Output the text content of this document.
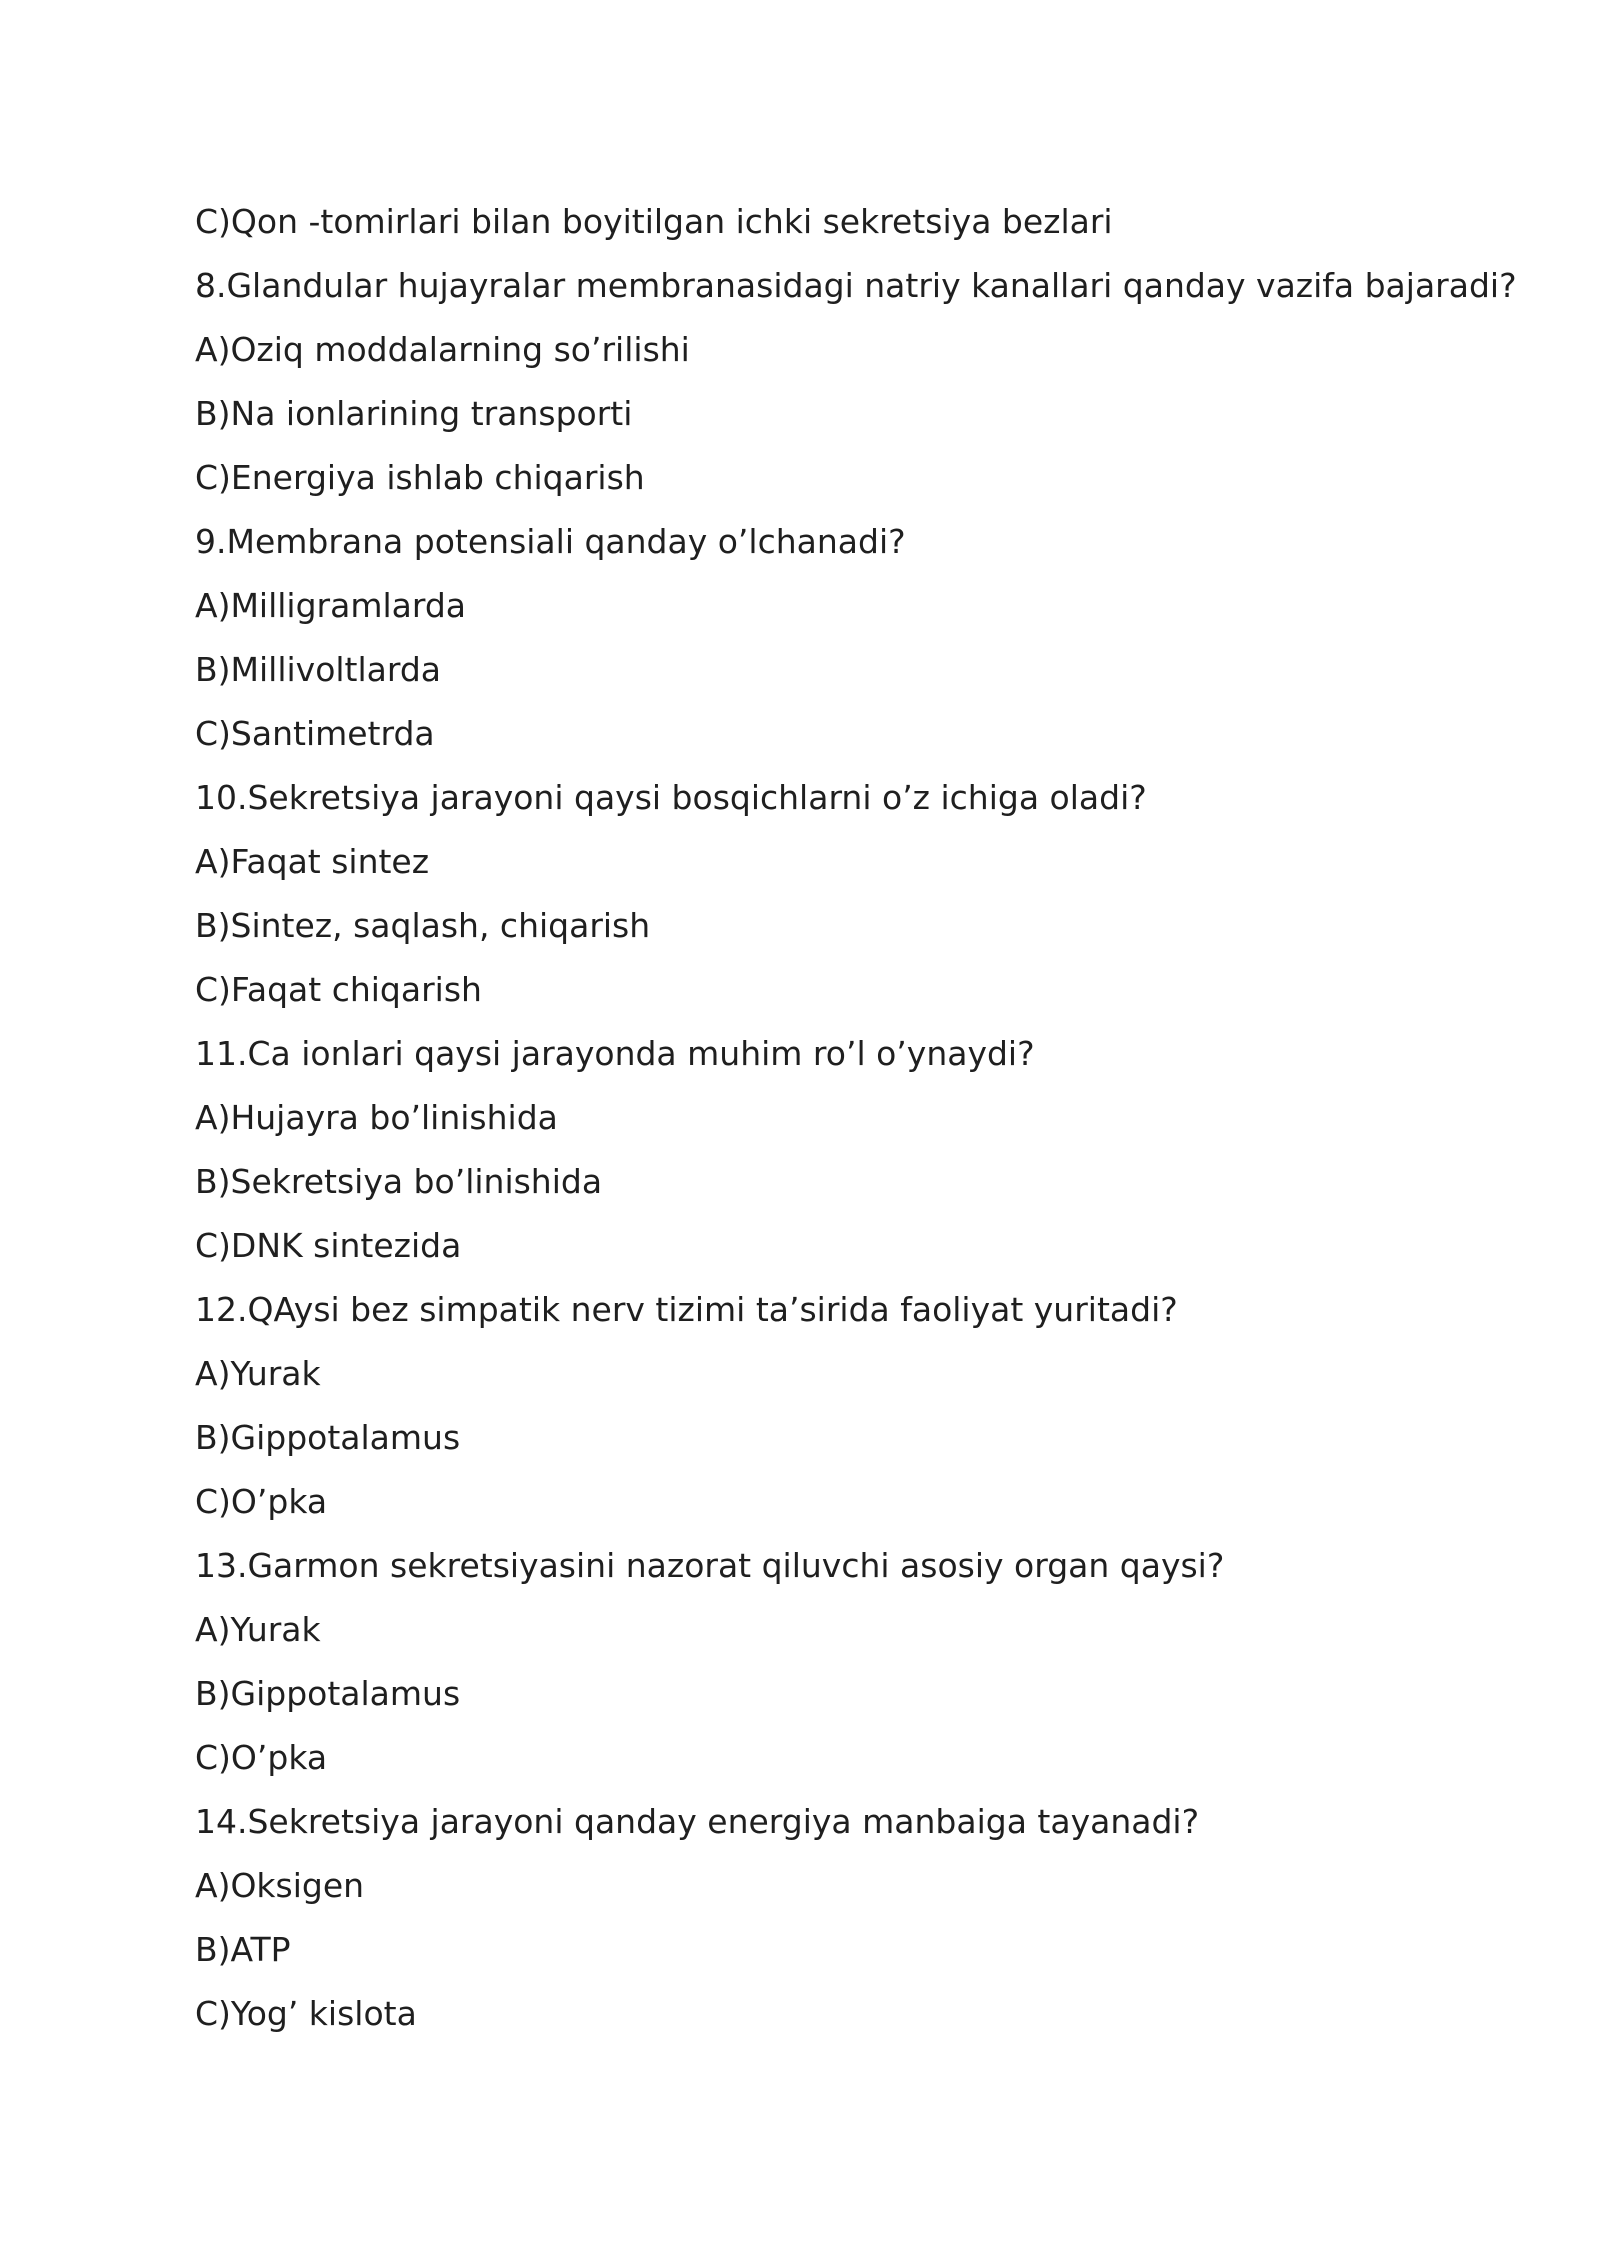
C)Qon -tomirlari bilan boyitilgan ichki sekretsiya bezlari
8.Glandular hujayralar membranasidagi natriy kanallari qanday vazifa bajaradi?
A)Oziq moddalarning so’rilishi
B)Na ionlarining transporti
C)Energiya ishlab chiqarish
9.Membrana potensiali qanday o’lchanadi?
A)Milligramlarda
B)Millivoltlarda
C)Santimetrda
10.Sekretsiya jarayoni qaysi bosqichlarni o’z ichiga oladi?
A)Faqat sintez
B)Sintez, saqlash, chiqarish
C)Faqat chiqarish
11.Ca ionlari qaysi jarayonda muhim ro’l o’ynaydi?
A)Hujayra bo’linishida
B)Sekretsiya bo’linishida
C)DNK sintezida
12.QAysi bez simpatik nerv tizimi ta’sirida faoliyat yuritadi?
A)Yurak
B)Gippotalamus
C)O’pka
13.Garmon sekretsiyasini nazorat qiluvchi asosiy organ qaysi?
A)Yurak
B)Gippotalamus
C)O’pka
14.Sekretsiya jarayoni qanday energiya manbaiga tayanadi?
A)Oksigen
B)ATP
C)Yog’ kislota
